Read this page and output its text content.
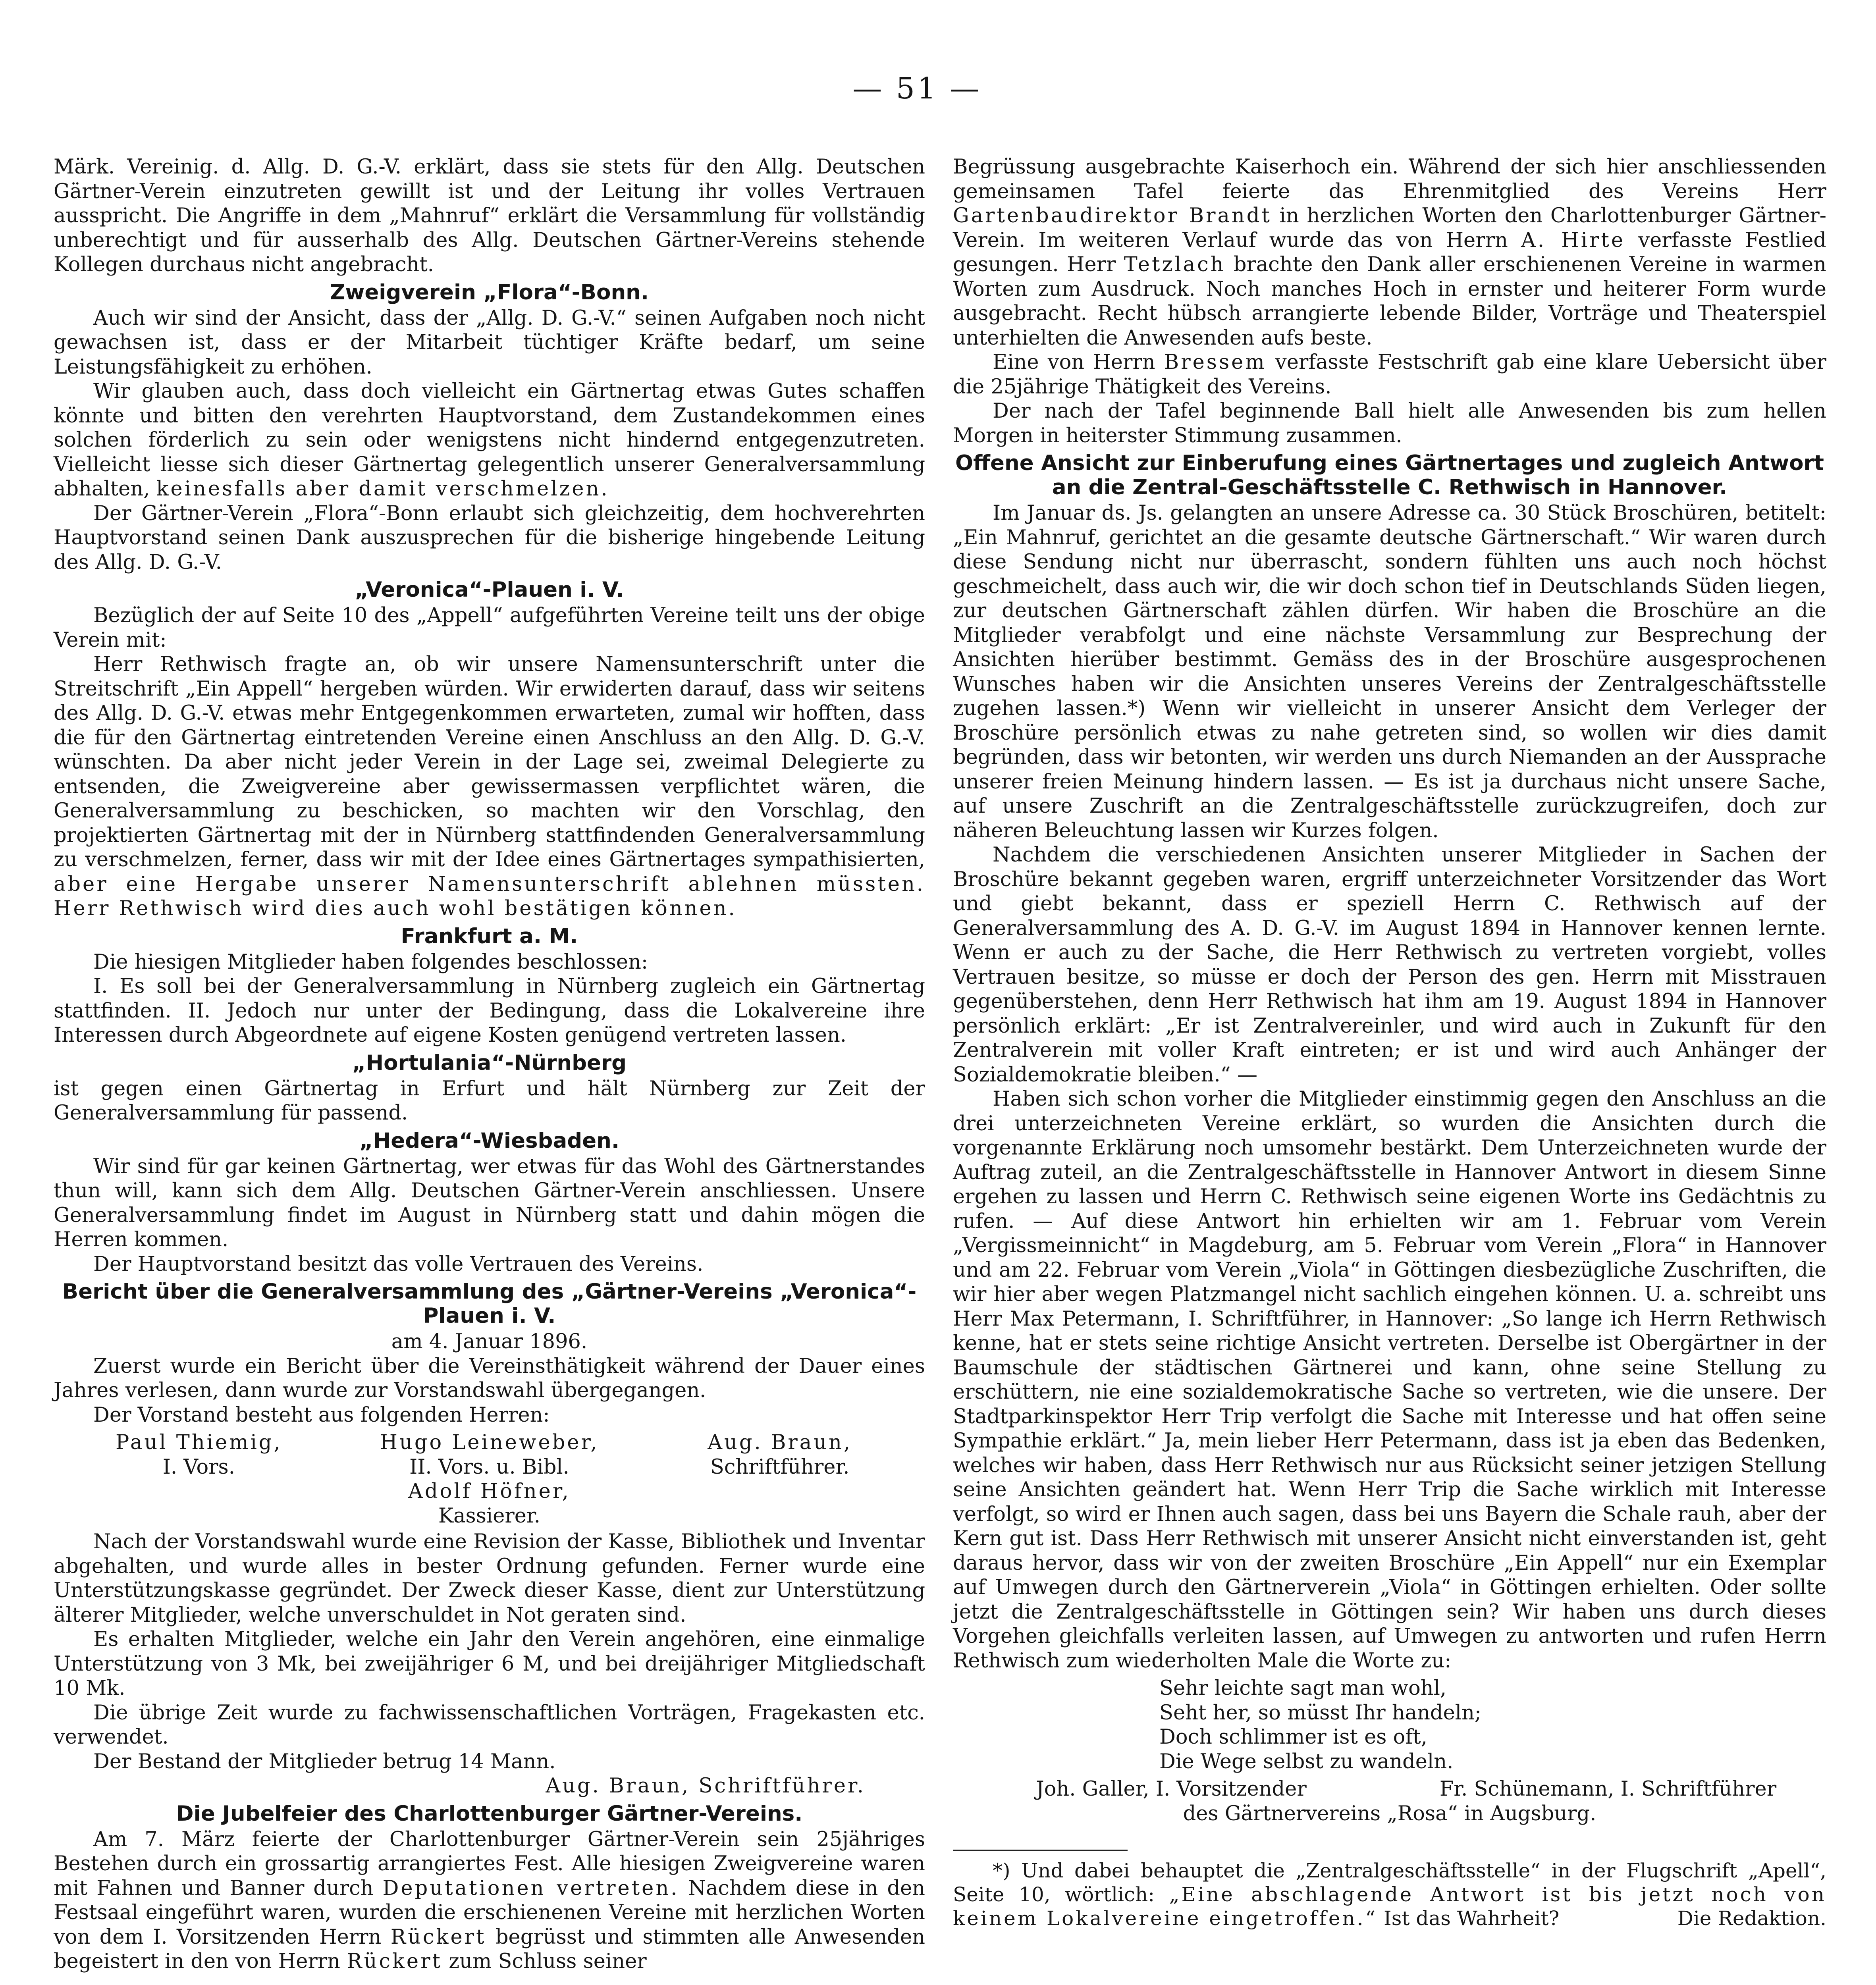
— 51 —

Märk. Vereinig. d. Allg. D. G.-V. erklärt, dass sie stets für den Allg. Deutschen Gärtner-Verein einzutreten gewillt ist und der Leitung ihr volles Vertrauen ausspricht. Die Angriffe in dem „Mahnruf“ erklärt die Versammlung für vollständig unberechtigt und für ausserhalb des Allg. Deutschen Gärtner-Vereins stehende Kollegen durchaus nicht angebracht.

Zweigverein „Flora“-Bonn.

Auch wir sind der Ansicht, dass der „Allg. D. G.-V.“ seinen Aufgaben noch nicht gewachsen ist, dass er der Mitarbeit tüchtiger Kräfte bedarf, um seine Leistungsfähigkeit zu erhöhen.

Wir glauben auch, dass doch vielleicht ein Gärtnertag etwas Gutes schaffen könnte und bitten den verehrten Hauptvorstand, dem Zustandekommen eines solchen förderlich zu sein oder wenigstens nicht hindernd entgegenzutreten. Vielleicht liesse sich dieser Gärtnertag gelegentlich unserer Generalversammlung abhalten, keinesfalls aber damit verschmelzen.

Der Gärtner-Verein „Flora“-Bonn erlaubt sich gleichzeitig, dem hochverehrten Hauptvorstand seinen Dank auszusprechen für die bisherige hingebende Leitung des Allg. D. G.-V.

„Veronica“-Plauen i. V.

Bezüglich der auf Seite 10 des „Appell“ aufgeführten Vereine teilt uns der obige Verein mit:

Herr Rethwisch fragte an, ob wir unsere Namensunterschrift unter die Streitschrift „Ein Appell“ hergeben würden. Wir erwiderten darauf, dass wir seitens des Allg. D. G.-V. etwas mehr Entgegenkommen erwarteten, zumal wir hofften, dass die für den Gärtnertag eintretenden Vereine einen Anschluss an den Allg. D. G.-V. wünschten. Da aber nicht jeder Verein in der Lage sei, zweimal Delegierte zu entsenden, die Zweigvereine aber gewissermassen verpflichtet wären, die Generalversammlung zu beschicken, so machten wir den Vorschlag, den projektierten Gärtnertag mit der in Nürnberg stattfindenden Generalversammlung zu verschmelzen, ferner, dass wir mit der Idee eines Gärtnertages sympathisierten, aber eine Hergabe unserer Namensunterschrift ablehnen müssten. Herr Rethwisch wird dies auch wohl bestätigen können.

Frankfurt a. M.

Die hiesigen Mitglieder haben folgendes beschlossen:

I. Es soll bei der Generalversammlung in Nürnberg zugleich ein Gärtnertag stattfinden. II. Jedoch nur unter der Bedingung, dass die Lokalvereine ihre Interessen durch Abgeordnete auf eigene Kosten genügend vertreten lassen.

„Hortulania“-Nürnberg

ist gegen einen Gärtnertag in Erfurt und hält Nürnberg zur Zeit der Generalversammlung für passend.

„Hedera“-Wiesbaden.

Wir sind für gar keinen Gärtnertag, wer etwas für das Wohl des Gärtnerstandes thun will, kann sich dem Allg. Deutschen Gärtner-Verein anschliessen. Unsere Generalversammlung findet im August in Nürnberg statt und dahin mögen die Herren kommen.

Der Hauptvorstand besitzt das volle Vertrauen des Vereins.

Bericht über die Generalversammlung des „Gärtner-Vereins „Veronica“-Plauen i. V.
am 4. Januar 1896.

Zuerst wurde ein Bericht über die Vereinsthätigkeit während der Dauer eines Jahres verlesen, dann wurde zur Vorstandswahl übergegangen.

Der Vorstand besteht aus folgenden Herren:

Paul Thiemig,
I. Vors.
Hugo Leineweber,
II. Vors. u. Bibl.
Aug. Braun,
Schriftführer.
Adolf Höfner,
Kassierer.

Nach der Vorstandswahl wurde eine Revision der Kasse, Bibliothek und Inventar abgehalten, und wurde alles in bester Ordnung gefunden. Ferner wurde eine Unterstützungskasse gegründet. Der Zweck dieser Kasse, dient zur Unterstützung älterer Mitglieder, welche unverschuldet in Not geraten sind.

Es erhalten Mitglieder, welche ein Jahr den Verein angehören, eine einmalige Unterstützung von 3 Mk, bei zweijähriger 6 M, und bei dreijähriger Mitgliedschaft 10 Mk.

Die übrige Zeit wurde zu fachwissenschaftlichen Vorträgen, Fragekasten etc. verwendet.

Der Bestand der Mitglieder betrug 14 Mann.

Aug. Braun, Schriftführer.
Die Jubelfeier des Charlottenburger Gärtner-Vereins.

Am 7. März feierte der Charlottenburger Gärtner-Verein sein 25jähriges Bestehen durch ein grossartig arrangiertes Fest. Alle hiesigen Zweigvereine waren mit Fahnen und Banner durch Deputationen vertreten. Nachdem diese in den Festsaal eingeführt waren, wurden die erschienenen Vereine mit herzlichen Worten von dem I. Vorsitzenden Herrn Rückert begrüsst und stimmten alle Anwesenden begeistert in den von Herrn Rückert zum Schluss seiner

Begrüssung ausgebrachte Kaiserhoch ein. Während der sich hier anschliessenden gemeinsamen Tafel feierte das Ehrenmitglied des Vereins Herr Gartenbaudirektor Brandt in herzlichen Worten den Charlottenburger Gärtner-Verein. Im weiteren Verlauf wurde das von Herrn A. Hirte verfasste Festlied gesungen. Herr Tetzlach brachte den Dank aller erschienenen Vereine in warmen Worten zum Ausdruck. Noch manches Hoch in ernster und heiterer Form wurde ausgebracht. Recht hübsch arrangierte lebende Bilder, Vorträge und Theaterspiel unterhielten die Anwesenden aufs beste.

Eine von Herrn Bressem verfasste Festschrift gab eine klare Uebersicht über die 25jährige Thätigkeit des Vereins.

Der nach der Tafel beginnende Ball hielt alle Anwesenden bis zum hellen Morgen in heiterster Stimmung zusammen.

Offene Ansicht zur Einberufung eines Gärtnertages und zugleich Antwort an die Zentral-Geschäftsstelle C. Rethwisch in Hannover.

Im Januar ds. Js. gelangten an unsere Adresse ca. 30 Stück Broschüren, betitelt: „Ein Mahnruf, gerichtet an die gesamte deutsche Gärtnerschaft.“ Wir waren durch diese Sendung nicht nur überrascht, sondern fühlten uns auch noch höchst geschmeichelt, dass auch wir, die wir doch schon tief in Deutschlands Süden liegen, zur deutschen Gärtnerschaft zählen dürfen. Wir haben die Broschüre an die Mitglieder verabfolgt und eine nächste Versammlung zur Besprechung der Ansichten hierüber bestimmt. Gemäss des in der Broschüre ausgesprochenen Wunsches haben wir die Ansichten unseres Vereins der Zentralgeschäftsstelle zugehen lassen.*) Wenn wir vielleicht in unserer Ansicht dem Verleger der Broschüre persönlich etwas zu nahe getreten sind, so wollen wir dies damit begründen, dass wir betonten, wir werden uns durch Niemanden an der Aussprache unserer freien Meinung hindern lassen. — Es ist ja durchaus nicht unsere Sache, auf unsere Zuschrift an die Zentralgeschäftsstelle zurückzugreifen, doch zur näheren Beleuchtung lassen wir Kurzes folgen.

Nachdem die verschiedenen Ansichten unserer Mitglieder in Sachen der Broschüre bekannt gegeben waren, ergriff unterzeichneter Vorsitzender das Wort und giebt bekannt, dass er speziell Herrn C. Rethwisch auf der Generalversammlung des A. D. G.-V. im August 1894 in Hannover kennen lernte. Wenn er auch zu der Sache, die Herr Rethwisch zu vertreten vorgiebt, volles Vertrauen besitze, so müsse er doch der Person des gen. Herrn mit Misstrauen gegenüberstehen, denn Herr Rethwisch hat ihm am 19. August 1894 in Hannover persönlich erklärt: „Er ist Zentralvereinler, und wird auch in Zukunft für den Zentralverein mit voller Kraft eintreten; er ist und wird auch Anhänger der Sozialdemokratie bleiben.“ —

Haben sich schon vorher die Mitglieder einstimmig gegen den Anschluss an die drei unterzeichneten Vereine erklärt, so wurden die Ansichten durch die vorgenannte Erklärung noch umsomehr bestärkt. Dem Unterzeichneten wurde der Auftrag zuteil, an die Zentralgeschäftsstelle in Hannover Antwort in diesem Sinne ergehen zu lassen und Herrn C. Rethwisch seine eigenen Worte ins Gedächtnis zu rufen. — Auf diese Antwort hin erhielten wir am 1. Februar vom Verein „Vergissmeinnicht“ in Magdeburg, am 5. Februar vom Verein „Flora“ in Hannover und am 22. Februar vom Verein „Viola“ in Göttingen diesbezügliche Zuschriften, die wir hier aber wegen Platzmangel nicht sachlich eingehen können. U. a. schreibt uns Herr Max Petermann, I. Schriftführer, in Hannover: „So lange ich Herrn Rethwisch kenne, hat er stets seine richtige Ansicht vertreten. Derselbe ist Obergärtner in der Baumschule der städtischen Gärtnerei und kann, ohne seine Stellung zu erschüttern, nie eine sozialdemokratische Sache so vertreten, wie die unsere. Der Stadtparkinspektor Herr Trip verfolgt die Sache mit Interesse und hat offen seine Sympathie erklärt.“ Ja, mein lieber Herr Petermann, dass ist ja eben das Bedenken, welches wir haben, dass Herr Rethwisch nur aus Rücksicht seiner jetzigen Stellung seine Ansichten geändert hat. Wenn Herr Trip die Sache wirklich mit Interesse verfolgt, so wird er Ihnen auch sagen, dass bei uns Bayern die Schale rauh, aber der Kern gut ist. Dass Herr Rethwisch mit unserer Ansicht nicht einverstanden ist, geht daraus hervor, dass wir von der zweiten Broschüre „Ein Appell“ nur ein Exemplar auf Umwegen durch den Gärtnerverein „Viola“ in Göttingen erhielten. Oder sollte jetzt die Zentralgeschäftsstelle in Göttingen sein? Wir haben uns durch dieses Vorgehen gleichfalls verleiten lassen, auf Umwegen zu antworten und rufen Herrn Rethwisch zum wiederholten Male die Worte zu:

Sehr leichte sagt man wohl,
Seht her, so müsst Ihr handeln;
Doch schlimmer ist es oft,
Die Wege selbst zu wandeln.
Joh. Galler, I. Vorsitzender	Fr. Schünemann, I. Schriftführer
des Gärtnervereins „Rosa“ in Augsburg.

*) Und dabei behauptet die „Zentralgeschäftsstelle“ in der Flugschrift „Apell“, Seite 10, wörtlich: „Eine abschlagende Antwort ist bis jetzt noch von keinem Lokalvereine eingetroffen.“ Ist das Wahrheit?	Die Redaktion.
